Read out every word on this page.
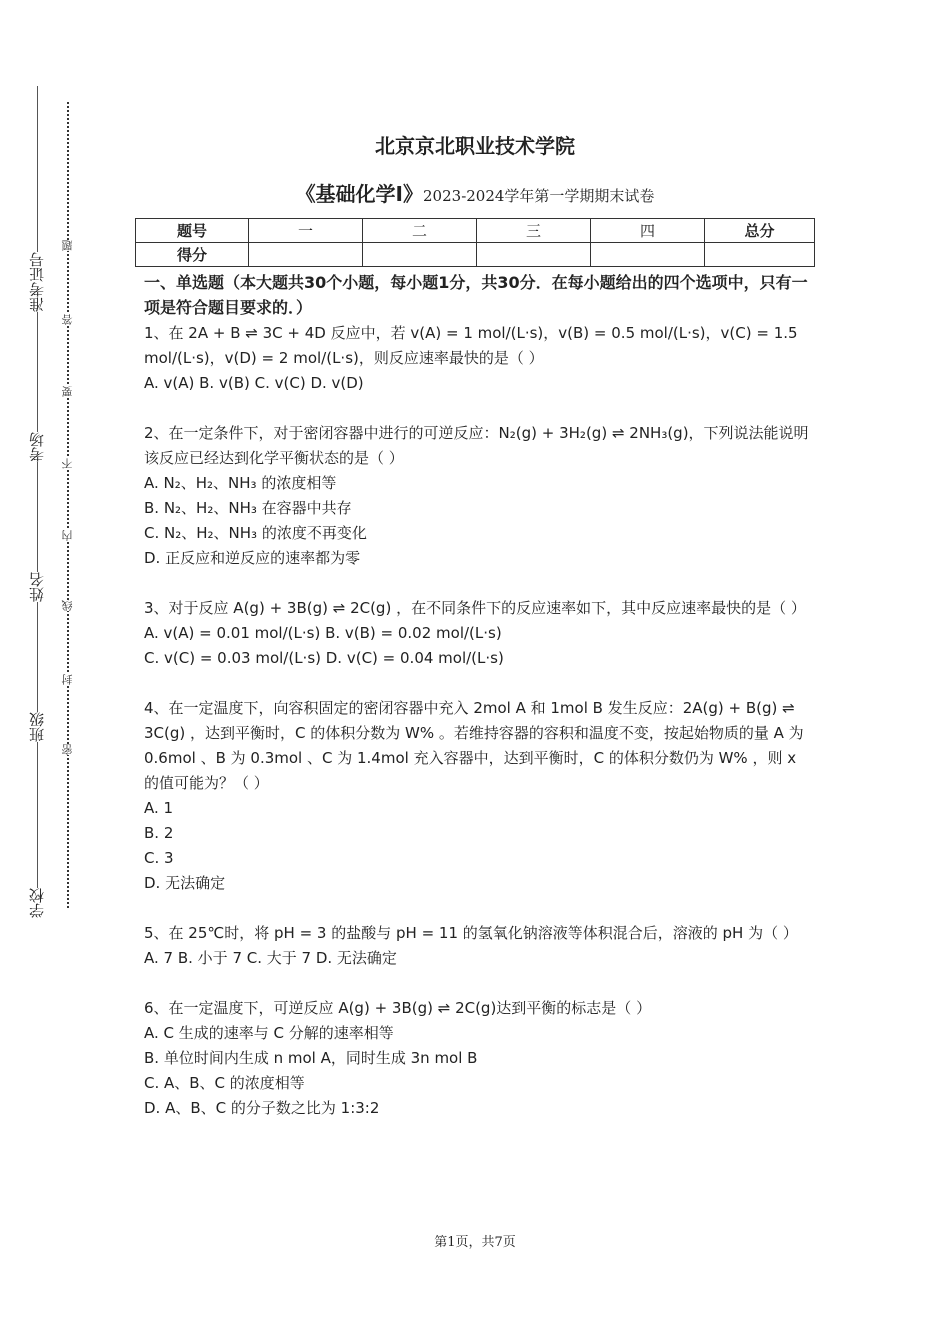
准考证号
考场
姓名
班级
学校
题
答
要
不
内
线
封
密
北京京北职业技术学院
《基础化学Ⅰ》2023-2024学年第一学期期末试卷
题号	一	二	三	四	总分
得分					
一、单选题（本大题共30个小题，每小题1分，共30分．在每小题给出的四个选项中，只有一项是符合题目要求的．）

1、在 2A + B ⇌ 3C + 4D 反应中，若 v(A) = 1 mol/(L·s)，v(B) = 0.5 mol/(L·s)，v(C) = 1.5 mol/(L·s)，v(D) = 2 mol/(L·s)，则反应速率最快的是（ ）

A. v(A) B. v(B) C. v(C) D. v(D)

2、在一定条件下，对于密闭容器中进行的可逆反应：N₂(g) + 3H₂(g) ⇌ 2NH₃(g)，下列说法能说明该反应已经达到化学平衡状态的是（ ）

A. N₂、H₂、NH₃ 的浓度相等

B. N₂、H₂、NH₃ 在容器中共存

C. N₂、H₂、NH₃ 的浓度不再变化

D. 正反应和逆反应的速率都为零

3、对于反应 A(g) + 3B(g) ⇌ 2C(g) ，在不同条件下的反应速率如下，其中反应速率最快的是（ ）

A. v(A) = 0.01 mol/(L·s) B. v(B) = 0.02 mol/(L·s)

C. v(C) = 0.03 mol/(L·s) D. v(C) = 0.04 mol/(L·s)

4、在一定温度下，向容积固定的密闭容器中充入 2mol A 和 1mol B 发生反应：2A(g) + B(g) ⇌ 3C(g) ，达到平衡时，C 的体积分数为 W% 。若维持容器的容积和温度不变，按起始物质的量 A 为 0.6mol 、B 为 0.3mol 、C 为 1.4mol 充入容器中，达到平衡时，C 的体积分数仍为 W% ，则 x 的值可能为？（ ）

A. 1

B. 2

C. 3

D. 无法确定

5、在 25℃时，将 pH = 3 的盐酸与 pH = 11 的氢氧化钠溶液等体积混合后，溶液的 pH 为（ ）

A. 7 B. 小于 7 C. 大于 7 D. 无法确定

6、在一定温度下，可逆反应 A(g) + 3B(g) ⇌ 2C(g)达到平衡的标志是（ ）

A. C 生成的速率与 C 分解的速率相等

B. 单位时间内生成 n mol A，同时生成 3n mol B

C. A、B、C 的浓度相等

D. A、B、C 的分子数之比为 1:3:2

第1页，共7页
